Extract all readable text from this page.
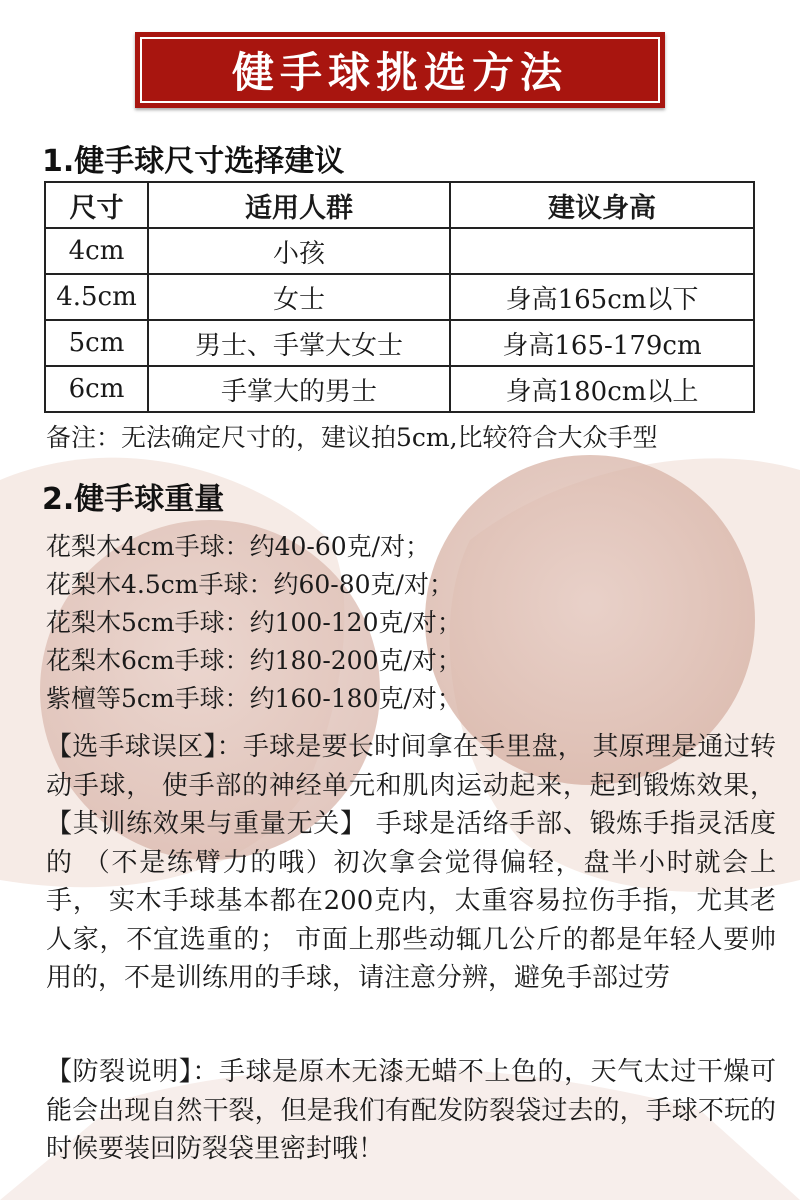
健手球挑选方法
1.健手球尺寸选择建议
尺寸	适用人群	建议身高
4cm	小孩	
4.5cm	女士	身高165cm以下
5cm	男士、手掌大女士	身高165-179cm
6cm	手掌大的男士	身高180cm以上
备注：无法确定尺寸的，建议拍5cm,比较符合大众手型
2.健手球重量
花梨木4cm手球：约40-60克/对；
花梨木4.5cm手球：约60-80克/对；
花梨木5cm手球：约100-120克/对；
花梨木6cm手球：约180-200克/对；
紫檀等5cm手球：约160-180克/对；
【选手球误区】：手球是要长时间拿在手里盘， 其原理是通过转动手球， 使手部的神经单元和肌肉运动起来，起到锻炼效果，【其训练效果与重量无关】 手球是活络手部、锻炼手指灵活度的 （不是练臂力的哦）初次拿会觉得偏轻，盘半小时就会上手， 实木手球基本都在200克内，太重容易拉伤手指，尤其老人家，不宜选重的； 市面上那些动辄几公斤的都是年轻人要帅用的，不是训练用的手球，请注意分辨，避免手部过劳
【防裂说明】：手球是原木无漆无蜡不上色的，天气太过干燥可能会出现自然干裂，但是我们有配发防裂袋过去的，手球不玩的时候要装回防裂袋里密封哦！
